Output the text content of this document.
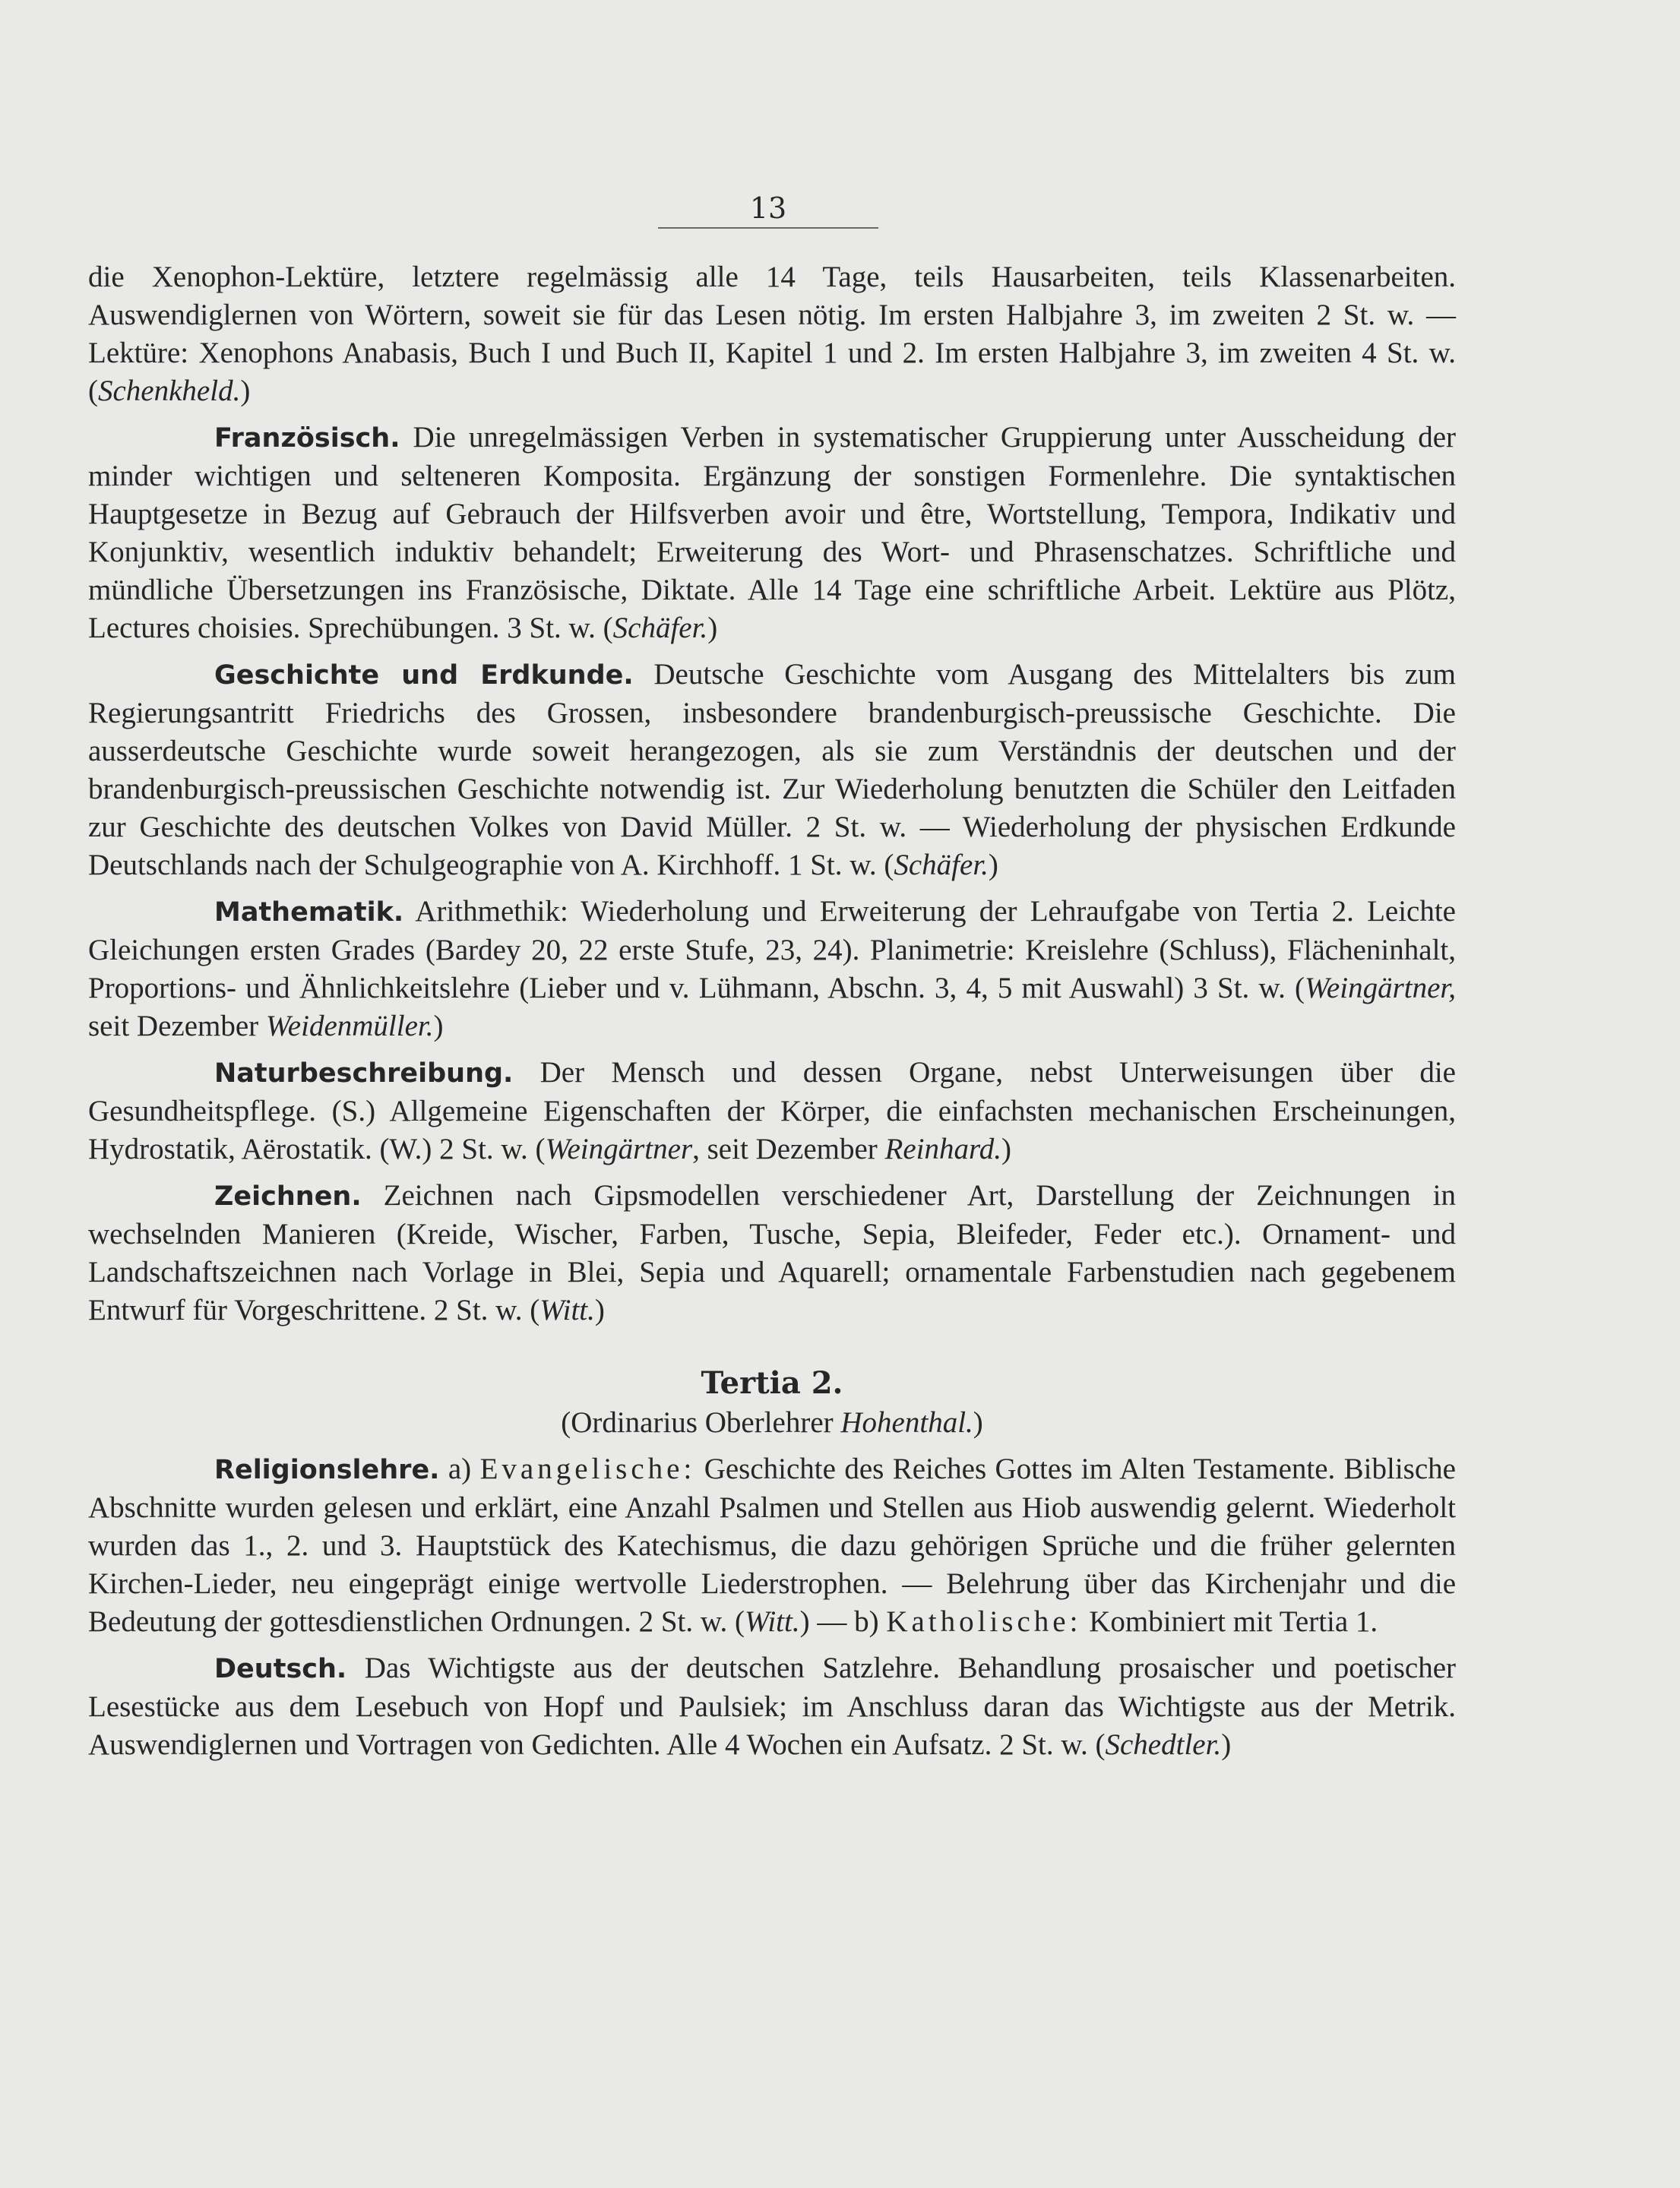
13

die Xenophon-Lektüre, letztere regelmässig alle 14 Tage, teils Hausarbeiten, teils Klassenarbeiten. Auswendiglernen von Wörtern, soweit sie für das Lesen nötig. Im ersten Halbjahre 3, im zweiten 2 St. w. — Lektüre: Xenophons Anabasis, Buch I und Buch II, Kapitel 1 und 2. Im ersten Halbjahre 3, im zweiten 4 St. w. (Schenkheld.)

Französisch. Die unregelmässigen Verben in systematischer Gruppierung unter Ausscheidung der minder wichtigen und selteneren Komposita. Ergänzung der sonstigen Formenlehre. Die syntaktischen Hauptgesetze in Bezug auf Gebrauch der Hilfsverben avoir und être, Wortstellung, Tempora, Indikativ und Konjunktiv, wesentlich induktiv behandelt; Erweiterung des Wort- und Phrasenschatzes. Schriftliche und mündliche Übersetzungen ins Französische, Diktate. Alle 14 Tage eine schriftliche Arbeit. Lektüre aus Plötz, Lectures choisies. Sprechübungen. 3 St. w. (Schäfer.)

Geschichte und Erdkunde. Deutsche Geschichte vom Ausgang des Mittelalters bis zum Regierungsantritt Friedrichs des Grossen, insbesondere brandenburgisch-preussische Geschichte. Die ausserdeutsche Geschichte wurde soweit herangezogen, als sie zum Verständnis der deutschen und der brandenburgisch-preussischen Geschichte notwendig ist. Zur Wiederholung benutzten die Schüler den Leitfaden zur Geschichte des deutschen Volkes von David Müller. 2 St. w. — Wiederholung der physischen Erdkunde Deutschlands nach der Schulgeographie von A. Kirchhoff. 1 St. w. (Schäfer.)

Mathematik. Arithmethik: Wiederholung und Erweiterung der Lehraufgabe von Tertia 2. Leichte Gleichungen ersten Grades (Bardey 20, 22 erste Stufe, 23, 24). Planimetrie: Kreislehre (Schluss), Flächeninhalt, Proportions- und Ähnlichkeitslehre (Lieber und v. Lühmann, Abschn. 3, 4, 5 mit Auswahl) 3 St. w. (Weingärtner, seit Dezember Weidenmüller.)

Naturbeschreibung. Der Mensch und dessen Organe, nebst Unterweisungen über die Gesundheitspflege. (S.) Allgemeine Eigenschaften der Körper, die einfachsten mechanischen Erscheinungen, Hydrostatik, Aërostatik. (W.) 2 St. w. (Weingärtner, seit Dezember Reinhard.)

Zeichnen. Zeichnen nach Gipsmodellen verschiedener Art, Darstellung der Zeichnungen in wechselnden Manieren (Kreide, Wischer, Farben, Tusche, Sepia, Bleifeder, Feder etc.). Ornament- und Landschaftszeichnen nach Vorlage in Blei, Sepia und Aquarell; ornamentale Farbenstudien nach gegebenem Entwurf für Vorgeschrittene. 2 St. w. (Witt.)

Tertia 2.
(Ordinarius Oberlehrer Hohenthal.)

Religionslehre. a) Evangelische: Geschichte des Reiches Gottes im Alten Testamente. Biblische Abschnitte wurden gelesen und erklärt, eine Anzahl Psalmen und Stellen aus Hiob auswendig gelernt. Wiederholt wurden das 1., 2. und 3. Hauptstück des Katechismus, die dazu gehörigen Sprüche und die früher gelernten Kirchen-Lieder, neu eingeprägt einige wertvolle Liederstrophen. — Belehrung über das Kirchenjahr und die Bedeutung der gottesdienstlichen Ordnungen. 2 St. w. (Witt.) — b) Katholische: Kombiniert mit Tertia 1.

Deutsch. Das Wichtigste aus der deutschen Satzlehre. Behandlung prosaischer und poetischer Lesestücke aus dem Lesebuch von Hopf und Paulsiek; im Anschluss daran das Wichtigste aus der Metrik. Auswendiglernen und Vortragen von Gedichten. Alle 4 Wochen ein Aufsatz. 2 St. w. (Schedtler.)
